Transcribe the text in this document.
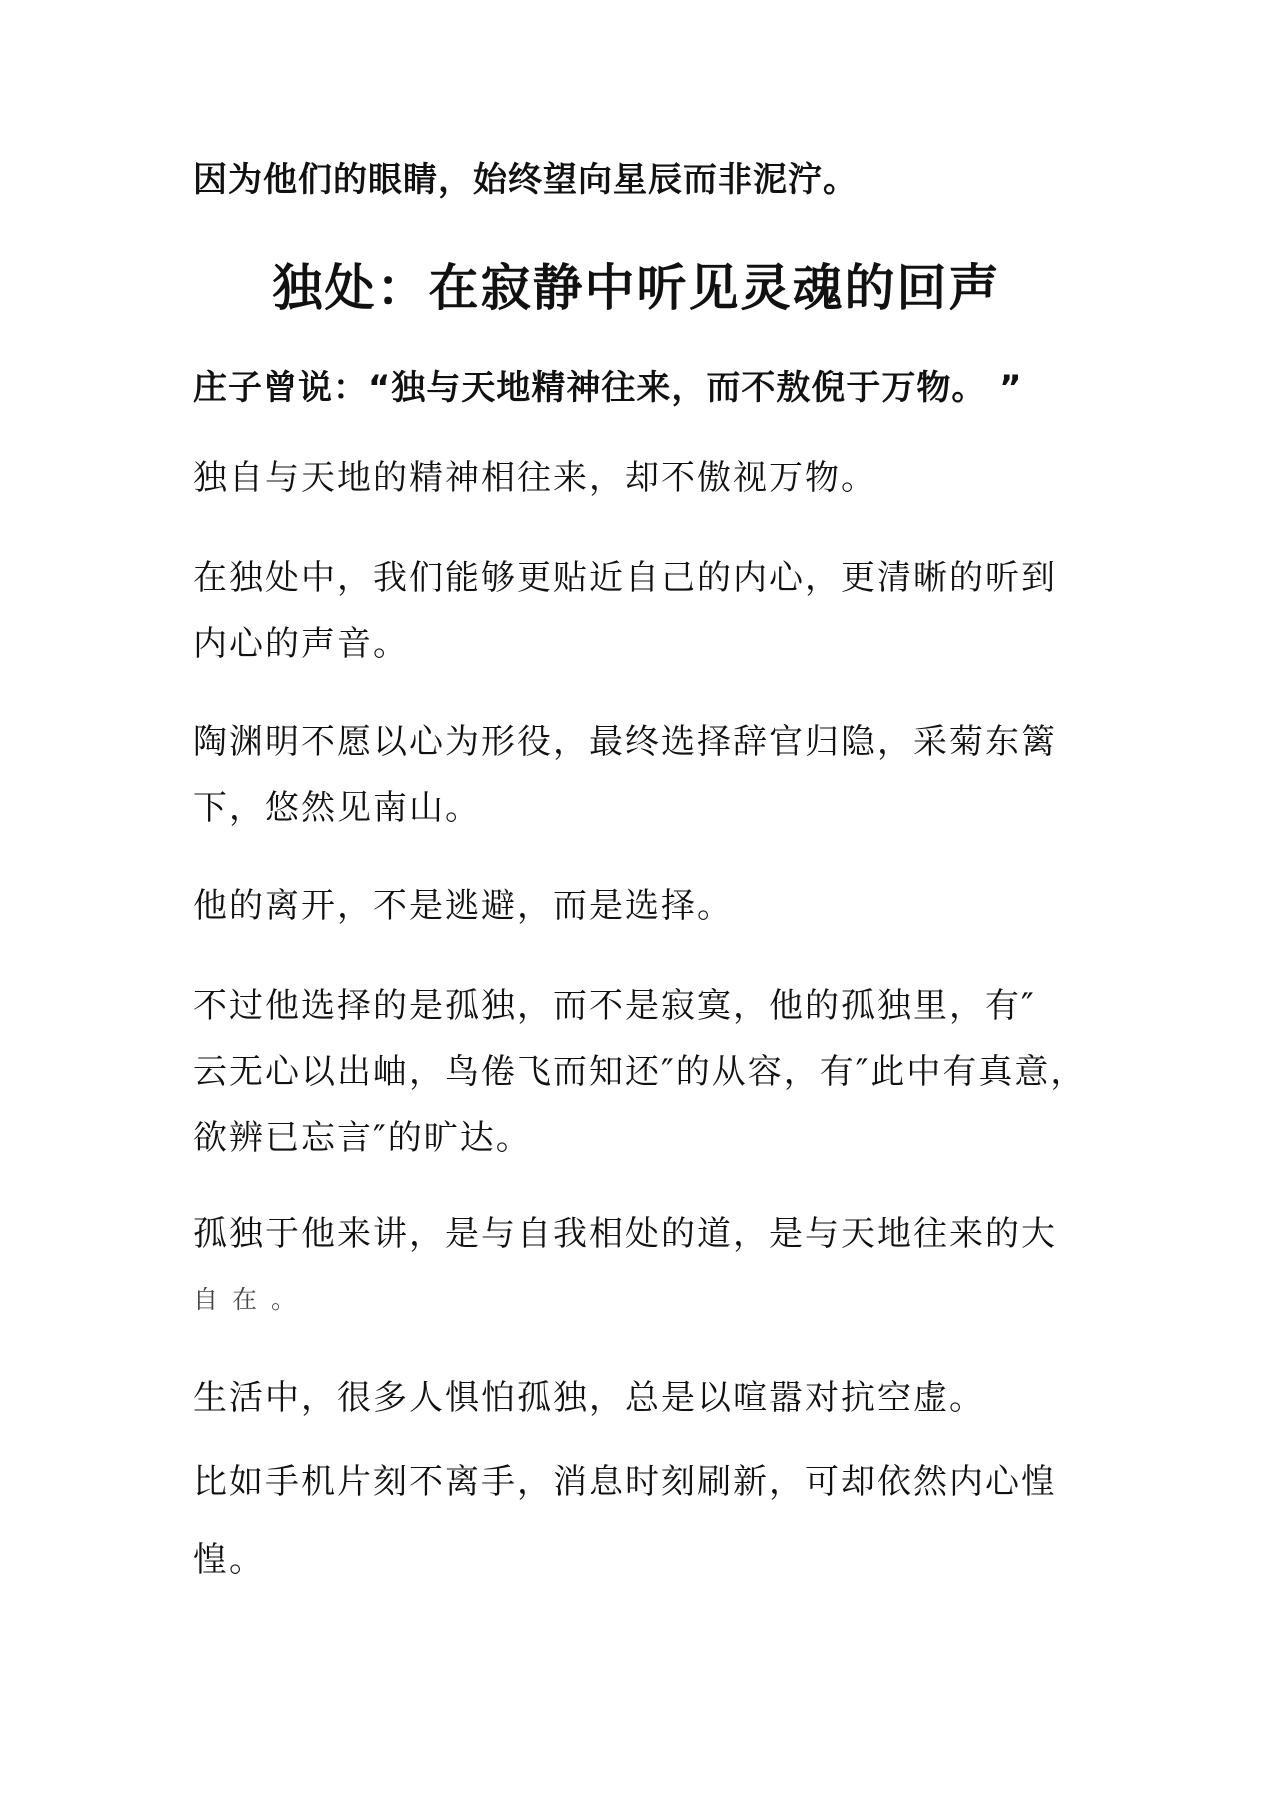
因为他们的眼睛，始终望向星辰而非泥泞。

独处：在寂静中听见灵魂的回声

庄子曾说：“独与天地精神往来，而不敖倪于万物。 ”

独自与天地的精神相往来，却不傲视万物。

在独处中，我们能够更贴近自己的内心，更清晰的听到

内心的声音。

陶渊明不愿以心为形役，最终选择辞官归隐，采菊东篱

下，悠然见南山。

他的离开，不是逃避，而是选择。

不过他选择的是孤独，而不是寂寞，他的孤独里，有″

云无心以出岫，鸟倦飞而知还″的从容，有″此中有真意，

欲辨已忘言″的旷达。

孤独于他来讲，是与自我相处的道，是与天地往来的大

自在。

生活中，很多人惧怕孤独，总是以喧嚣对抗空虚。

比如手机片刻不离手，消息时刻刷新，可却依然内心惶

惶。
